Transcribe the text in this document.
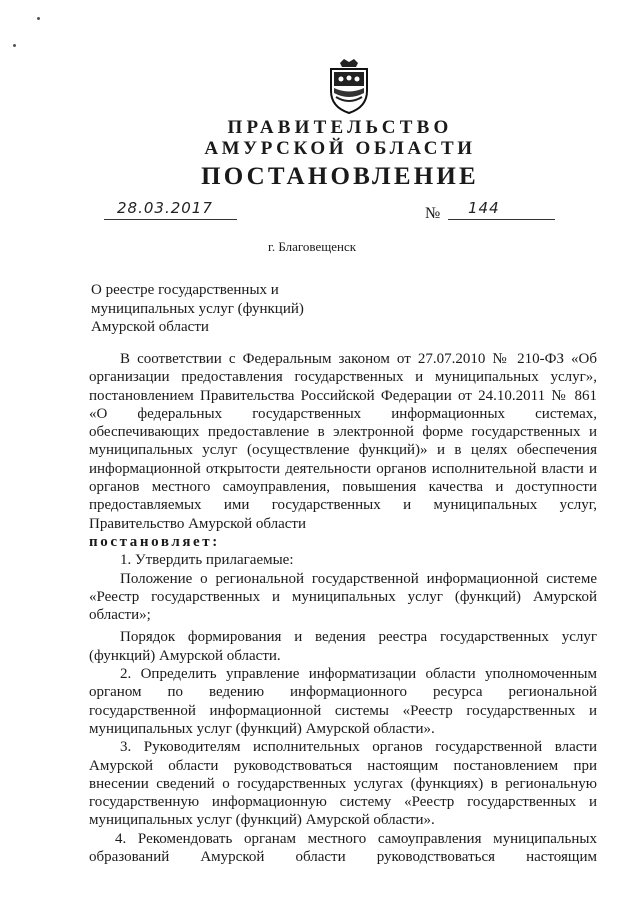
ПРАВИТЕЛЬСТВО
АМУРСКОЙ ОБЛАСТИ
ПОСТАНОВЛЕНИЕ
28.03.2017	№ 144
г. Благовещенск
О реестре государственных и
муниципальных услуг (функций)
Амурской области
В соответствии с Федеральным законом от 27.07.2010 № 210-ФЗ «Об
организации предоставления государственных и муниципальных услуг»,
постановлением Правительства Российской Федерации от 24.10.2011 № 861
«О федеральных государственных информационных системах,
обеспечивающих предоставление в электронной форме государственных и
муниципальных услуг (осуществление функций)» и в целях обеспечения
информационной открытости деятельности органов исполнительной власти и
органов местного самоуправления, повышения качества и доступности
предоставляемых ими государственных и муниципальных услуг,
Правительство Амурской области
постановляет:
1. Утвердить прилагаемые:
Положение о региональной государственной информационной системе
«Реестр государственных и муниципальных услуг (функций) Амурской
области»;
Порядок формирования и ведения реестра государственных услуг
(функций) Амурской области.
2. Определить управление информатизации области уполномоченным
органом по ведению информационного ресурса региональной
государственной информационной системы «Реестр государственных и
муниципальных услуг (функций) Амурской области».
3. Руководителям исполнительных органов государственной власти
Амурской области руководствоваться настоящим постановлением при
внесении сведений о государственных услугах (функциях) в региональную
государственную информационную систему «Реестр государственных и
муниципальных услуг (функций) Амурской области».
4. Рекомендовать органам местного самоуправления муниципальных
образований Амурской области руководствоваться настоящим
